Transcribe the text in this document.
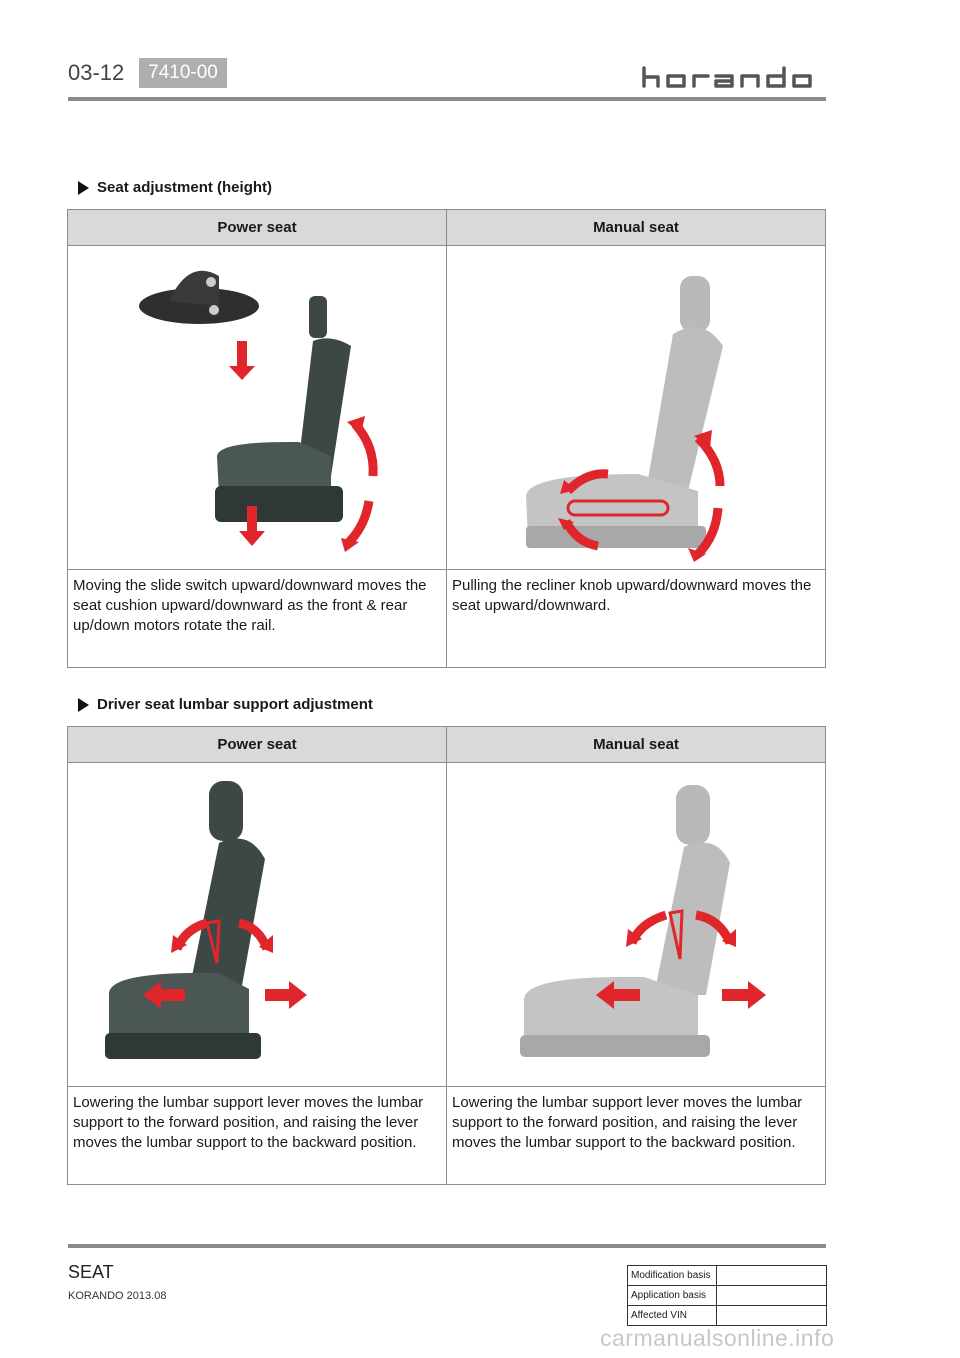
03-12	7410-00
Seat adjustment (height)
Power seat	Manual seat

Moving the slide switch upward/downward moves the seat cushion upward/downward as the front & rear up/down motors rotate the rail.	Pulling the recliner knob upward/downward moves the seat upward/downward.
Driver seat lumbar support adjustment
Power seat	Manual seat

Lowering the lumbar support lever moves the lumbar support to the forward position, and raising the lever moves the lumbar support to the backward position.	Lowering the lumbar support lever moves the lumbar support to the forward position, and raising the lever moves the lumbar support to the backward position.
SEAT
KORANDO 2013.08
Modification basis	
Application basis	
Affected VIN	
carmanualsonline.info
